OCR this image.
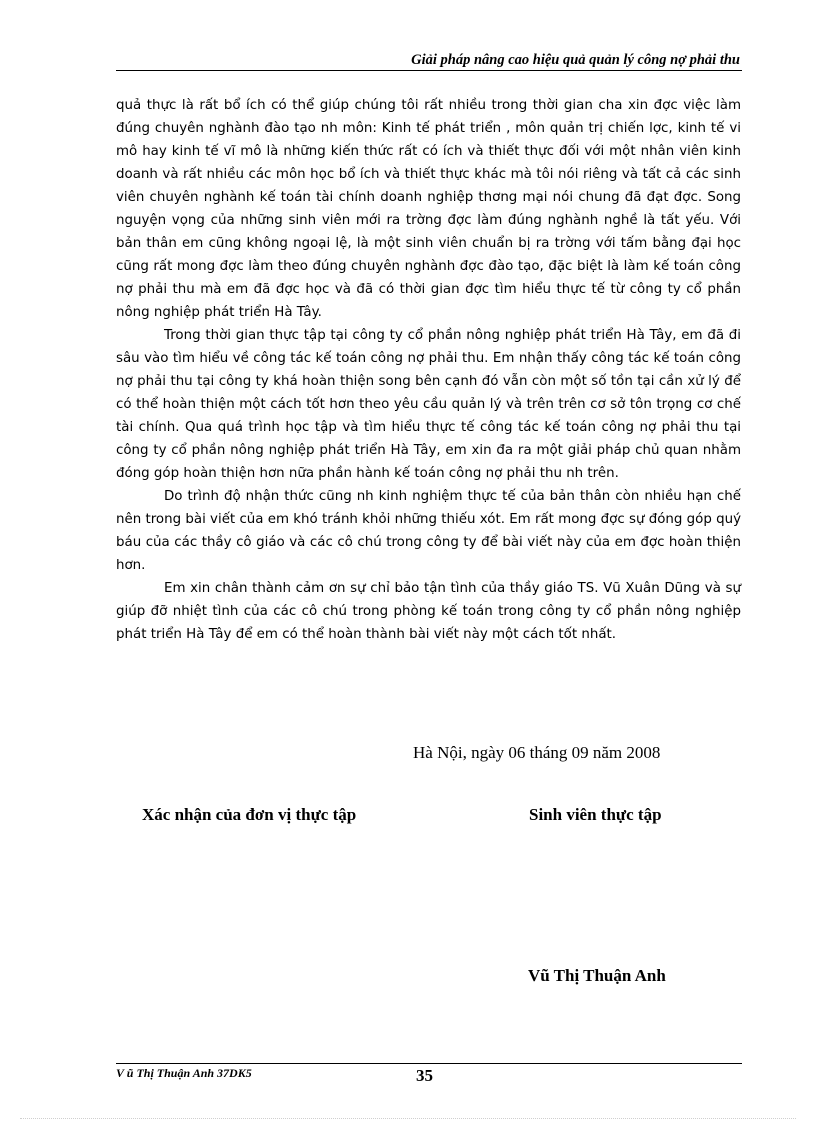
Giải pháp nâng cao hiệu quả quản lý công nợ phải thu

quả thực là rất bổ ích có thể giúp chúng tôi rất nhiều trong thời gian cha xin đợc việc làm đúng chuyên nghành đào tạo nh môn: Kinh tế phát triển , môn quản trị chiến lợc, kinh tế vi mô hay kinh tế vĩ mô là những kiến thức rất có ích và thiết thực đối với một nhân viên kinh doanh và rất nhiều các môn học bổ ích và thiết thực khác mà tôi nói riêng và tất cả các sinh viên chuyên nghành kế toán tài chính doanh nghiệp thơng mại nói chung đã đạt đợc. Song nguyện vọng của những sinh viên mới ra trờng đợc làm đúng nghành nghề là tất yếu. Với bản thân em cũng không ngoại lệ, là một sinh viên chuẩn bị ra trờng với tấm bằng đại học cũng rất mong đợc làm theo đúng chuyên nghành đợc đào tạo, đặc biệt là làm kế toán công nợ phải thu mà em đã đợc học và đã có thời gian đợc tìm hiểu thực tế từ công ty cổ phần nông nghiệp phát triển Hà Tây.

Trong thời gian thực tập tại công ty cổ phần nông nghiệp phát triển Hà Tây, em đã đi sâu vào tìm hiểu về công tác kế toán công nợ phải thu. Em nhận thấy công tác kế toán công nợ phải thu tại công ty khá hoàn thiện song bên cạnh đó vẫn còn một số tồn tại cần xử lý để có thể hoàn thiện một cách tốt hơn theo yêu cầu quản lý và trên trên cơ sở tôn trọng cơ chế tài chính. Qua quá trình học tập và tìm hiểu thực tế công tác kế toán công nợ phải thu tại công ty cổ phần nông nghiệp phát triển Hà Tây, em xin đa ra một giải pháp chủ quan nhằm đóng góp hoàn thiện hơn nữa phần hành kế toán công nợ phải thu nh trên.

Do trình độ nhận thức cũng nh kinh nghiệm thực tế của bản thân còn nhiều hạn chế nên trong bài viết của em khó tránh khỏi những thiếu xót. Em rất mong đợc sự đóng góp quý báu của các thầy cô giáo và các cô chú trong công ty để bài viết này của em đợc hoàn thiện hơn.

Em xin chân thành cảm ơn sự chỉ bảo tận tình của thầy giáo TS. Vũ Xuân Dũng và sự giúp đỡ nhiệt tình của các cô chú trong phòng kế toán trong công ty cổ phần nông nghiệp phát triển Hà Tây để em có thể hoàn thành bài viết này một cách tốt nhất.

Hà Nội, ngày 06 tháng 09 năm 2008
Xác nhận của đơn vị thực tập	Sinh viên thực tập
Vũ Thị Thuận Anh
V ũ Thị Thuận Anh 37DK5	35
